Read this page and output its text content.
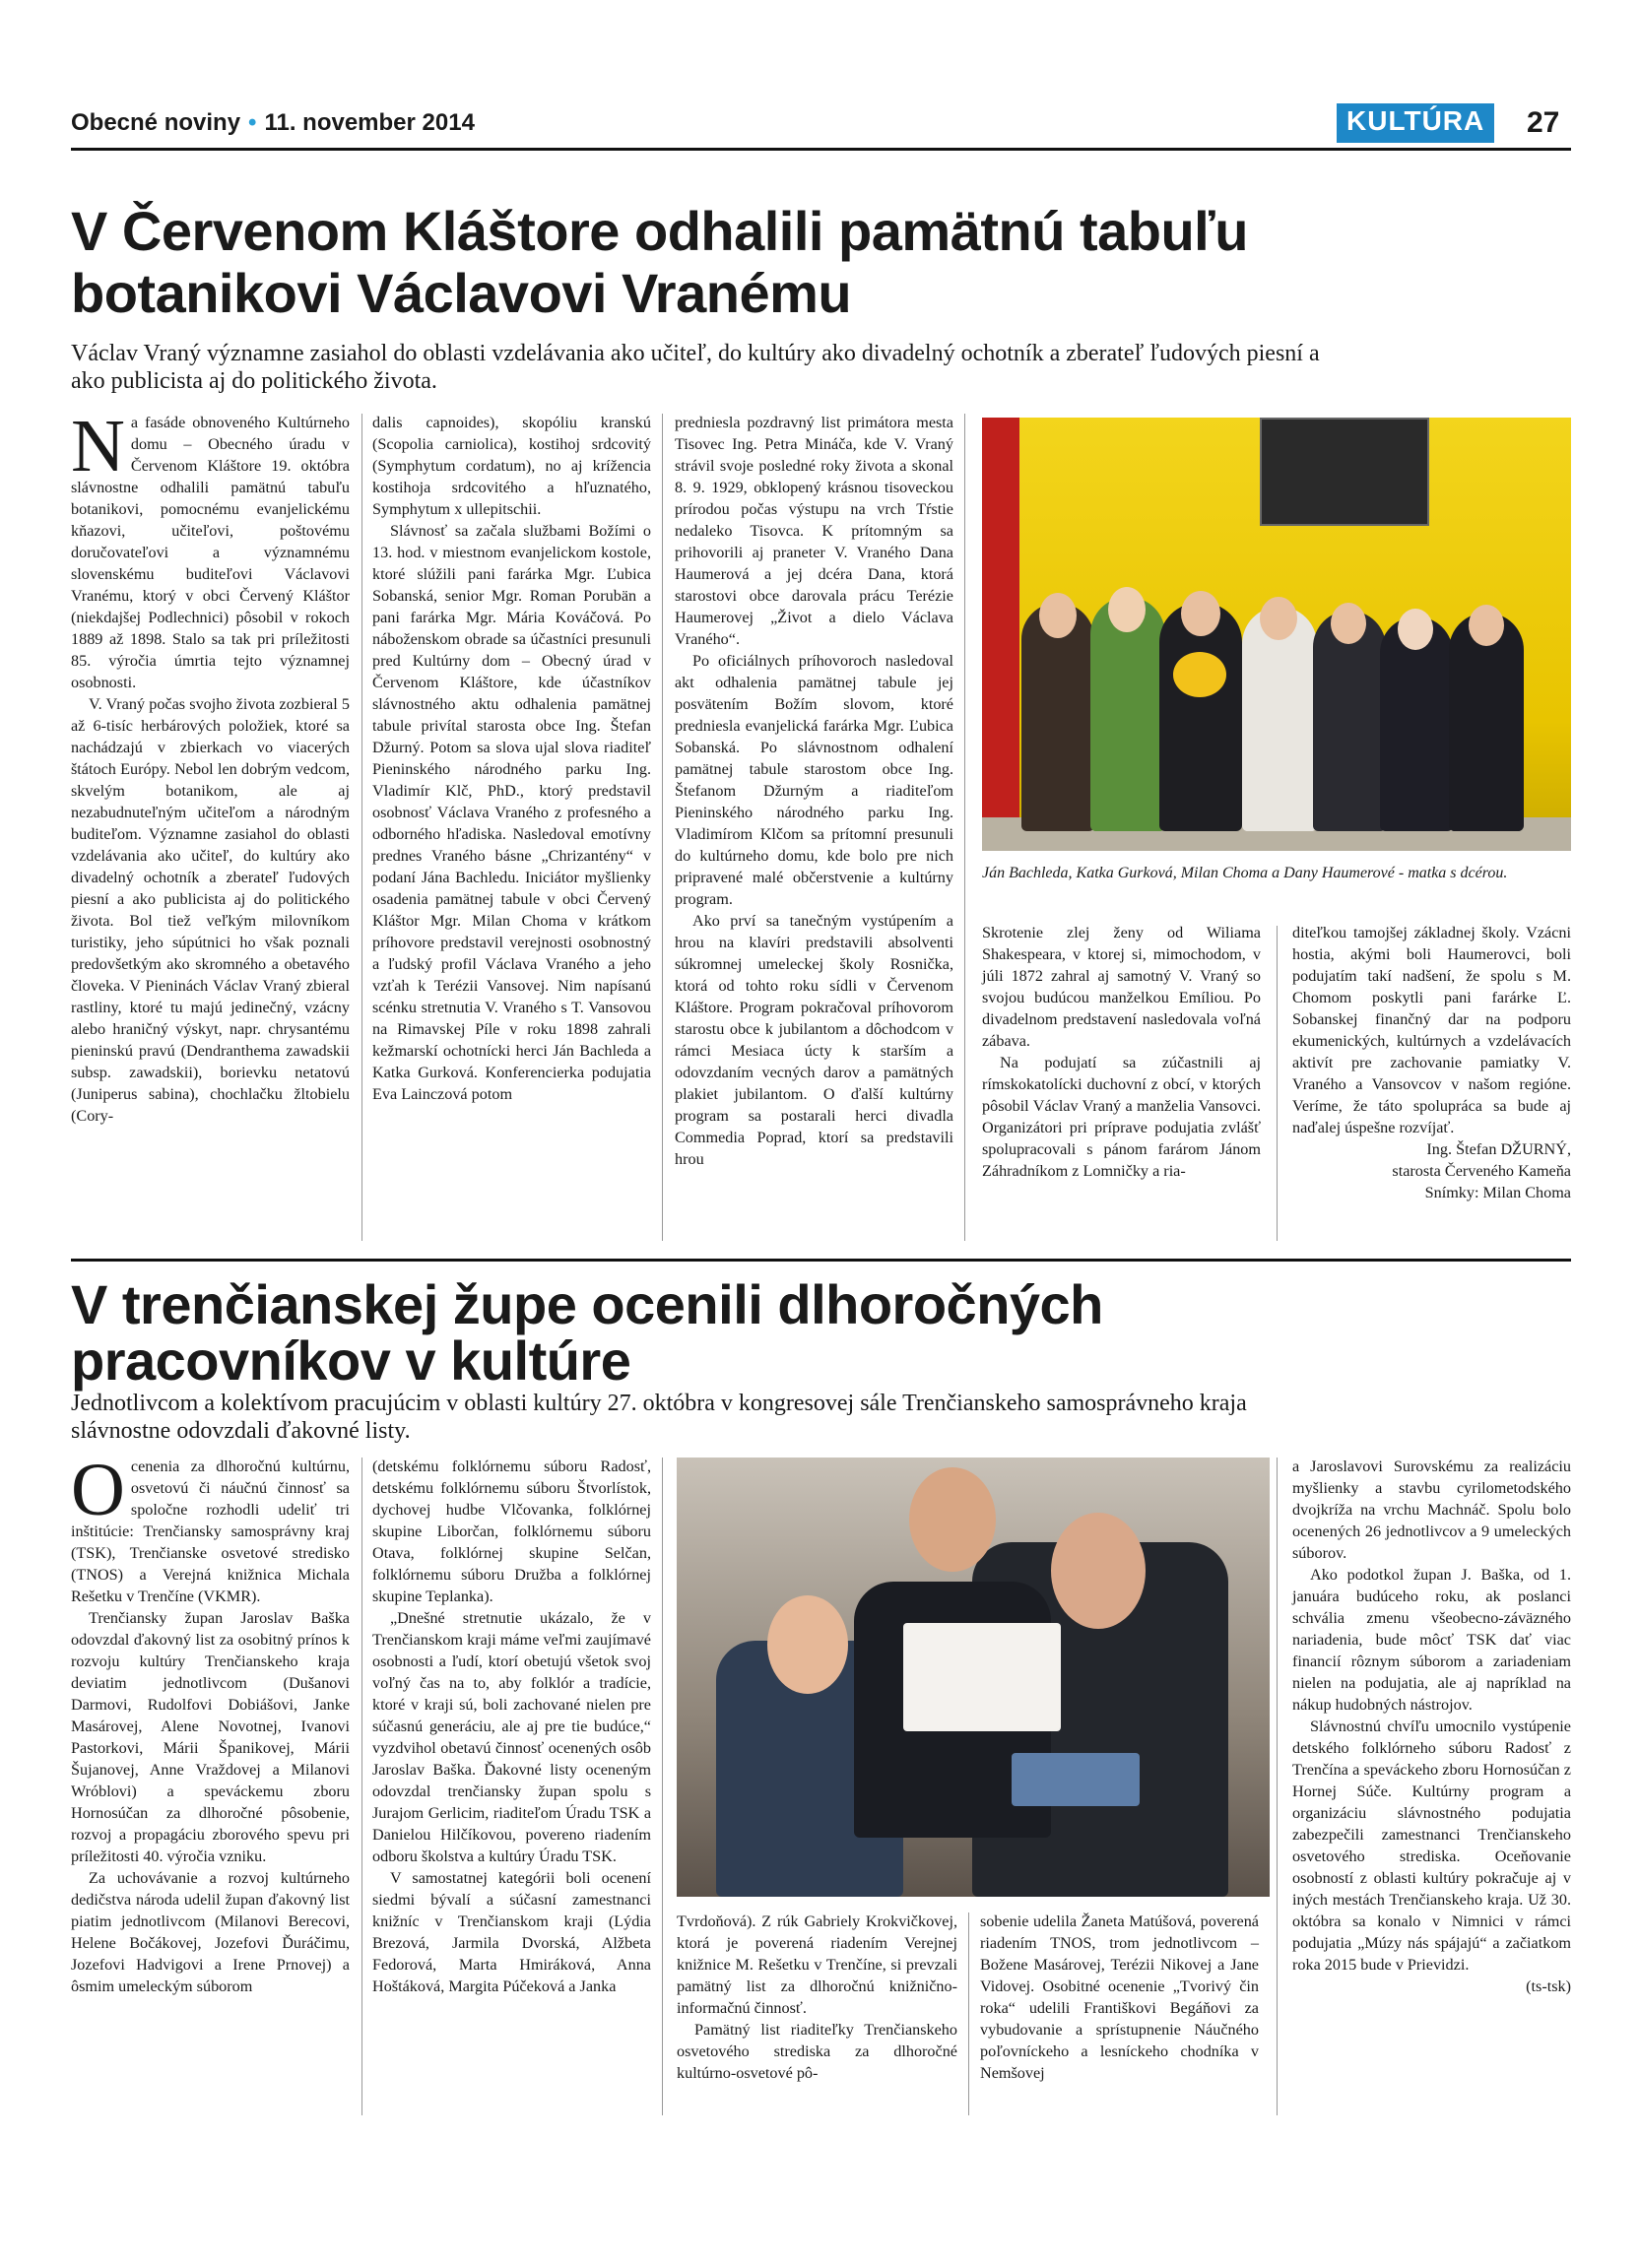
Obecné noviny • 11. november 2014	KULTÚRA	27
V Červenom Kláštore odhalili pamätnú tabuľu
botanikovi Václavovi Vranému
Václav Vraný významne zasiahol do oblasti vzdelávania ako učiteľ, do kultúry ako divadelný ochotník a zberateľ ľudových piesní a
ako publicista aj do politického života.

Na fasáde obnoveného Kultúrneho domu – Obecného úradu v Červenom Kláštore 19. októbra slávnostne odhalili pamätnú tabuľu botanikovi, pomocnému evanjelickému kňazovi, učiteľovi, poštovému doručovateľovi a významnému slovenskému buditeľovi Václavovi Vranému, ktorý v obci Červený Kláštor (niekdajšej Podlechnici) pôsobil v rokoch 1889 až 1898. Stalo sa tak pri príležitosti 85. výročia úmrtia tejto významnej osobnosti.

V. Vraný počas svojho života zozbieral 5 až 6-tisíc herbárových položiek, ktoré sa nachádzajú v zbierkach vo viacerých štátoch Európy. Nebol len dobrým vedcom, skvelým botanikom, ale aj nezabudnuteľným učiteľom a národným buditeľom. Významne zasiahol do oblasti vzdelávania ako učiteľ, do kultúry ako divadelný ochotník a zberateľ ľudových piesní a ako publicista aj do politického života. Bol tiež veľkým milovníkom turistiky, jeho súpútnici ho však poznali predovšetkým ako skromného a obetavého človeka. V Pieninách Václav Vraný zbieral rastliny, ktoré tu majú jedinečný, vzácny alebo hraničný výskyt, napr. chrysantému pieninskú pravú (Dendranthema zawadskii subsp. zawadskii), borievku netatovú (Juniperus sabina), chochlačku žltobielu (Cory-

dalis capnoides), skopóliu kranskú (Scopolia carniolica), kostihoj srdcovitý (Symphytum cordatum), no aj krížencia kostihoja srdcovitého a hľuznatého, Symphytum x ullepitschii.

Slávnosť sa začala službami Božími o 13. hod. v miestnom evanjelickom kostole, ktoré slúžili pani farárka Mgr. Ľubica Sobanská, senior Mgr. Roman Porubän a pani farárka Mgr. Mária Kováčová. Po náboženskom obrade sa účastníci presunuli pred Kultúrny dom – Obecný úrad v Červenom Kláštore, kde účastníkov slávnostného aktu odhalenia pamätnej tabule privítal starosta obce Ing. Štefan Džurný. Potom sa slova ujal slova riaditeľ Pieninského národného parku Ing. Vladimír Klč, PhD., ktorý predstavil osobnosť Václava Vraného z profesného a odborného hľadiska. Nasledoval emotívny prednes Vraného básne „Chrizantény“ v podaní Jána Bachledu. Iniciátor myšlienky osadenia pamätnej tabule v obci Červený Kláštor Mgr. Milan Choma v krátkom príhovore predstavil verejnosti osobnostný a ľudský profil Václava Vraného a jeho vzťah k Terézii Vansovej. Nim napísanú scénku stretnutia V. Vraného s T. Vansovou na Rimavskej Píle v roku 1898 zahrali kežmarskí ochotnícki herci Ján Bachleda a Katka Gurková. Konferencierka podujatia Eva Lainczová potom

predniesla pozdravný list primátora mesta Tisovec Ing. Petra Mináča, kde V. Vraný strávil svoje posledné roky života a skonal 8. 9. 1929, obklopený krásnou tisoveckou prírodou počas výstupu na vrch Tŕstie nedaleko Tisovca. K prítomným sa prihovorili aj praneter V. Vraného Dana Haumerová a jej dcéra Dana, ktorá starostovi obce darovala prácu Terézie Haumerovej „Život a dielo Václava Vraného“.

Po oficiálnych príhovoroch nasledoval akt odhalenia pamätnej tabule jej posvätením Božím slovom, ktoré predniesla evanjelická farárka Mgr. Ľubica Sobanská. Po slávnostnom odhalení pamätnej tabule starostom obce Ing. Štefanom Džurným a riaditeľom Pieninského národného parku Ing. Vladimírom Klčom sa prítomní presunuli do kultúrneho domu, kde bolo pre nich pripravené malé občerstvenie a kultúrny program.

Ako prví sa tanečným vystúpením a hrou na klavíri predstavili absolventi súkromnej umeleckej školy Rosnička, ktorá od tohto roku sídli v Červenom Kláštore. Program pokračoval príhovorom starostu obce k jubilantom a dôchodcom v rámci Mesiaca úcty k starším a odovzdaním vecných darov a pamätných plakiet jubilantom. O ďalší kultúrny program sa postarali herci divadla Commedia Poprad, ktorí sa predstavili hrou

Ján Bachleda, Katka Gurková, Milan Choma a Dany Haumerové - matka s dcérou.

Skrotenie zlej ženy od Wiliama Shakespeara, v ktorej si, mimochodom, v júli 1872 zahral aj samotný V. Vraný so svojou budúcou manželkou Emíliou. Po divadelnom predstavení nasledovala voľná zábava.

Na podujatí sa zúčastnili aj rímskokatolícki duchovní z obcí, v ktorých pôsobil Václav Vraný a manželia Vansovci. Organizátori pri príprave podujatia zvlášť spolupracovali s pánom farárom Jánom Záhradníkom z Lomničky a ria-

diteľkou tamojšej základnej školy. Vzácni hostia, akými boli Haumerovci, boli podujatím takí nadšení, že spolu s M. Chomom poskytli pani farárke Ľ. Sobanskej finančný dar na podporu ekumenických, kultúrnych a vzdelávacích aktivít pre zachovanie pamiatky V. Vraného a Vansovcov v našom regióne. Veríme, že táto spolupráca sa bude aj naďalej úspešne rozvíjať.

Ing. Štefan DŽURNÝ,
starosta Červeného Kameňa
Snímky: Milan Choma
V trenčianskej župe ocenili dlhoročných
pracovníkov v kultúre
Jednotlivcom a kolektívom pracujúcim v oblasti kultúry 27. októbra v kongresovej sále Trenčianskeho samosprávneho kraja
slávnostne odovzdali ďakovné listy.

Ocenenia za dlhoročnú kultúrnu, osvetovú či náučnú činnosť sa spoločne rozhodli udeliť tri inštitúcie: Trenčiansky samosprávny kraj (TSK), Trenčianske osvetové stredisko (TNOS) a Verejná knižnica Michala Rešetku v Trenčíne (VKMR).

Trenčiansky župan Jaroslav Baška odovzdal ďakovný list za osobitný prínos k rozvoju kultúry Trenčianskeho kraja deviatim jednotlivcom (Dušanovi Darmovi, Rudolfovi Dobiášovi, Janke Masárovej, Alene Novotnej, Ivanovi Pastorkovi, Márii Španikovej, Márii Šujanovej, Anne Vraždovej a Milanovi Wróblovi) a speváckemu zboru Hornosúčan za dlhoročné pôsobenie, rozvoj a propagáciu zborového spevu pri príležitosti 40. výročia vzniku.

Za uchovávanie a rozvoj kultúrneho dedičstva národa udelil župan ďakovný list piatim jednotlivcom (Milanovi Berecovi, Helene Bočákovej, Jozefovi Ďuráčimu, Jozefovi Hadvigovi a Irene Prnovej) a ôsmim umeleckým súborom

(detskému folklórnemu súboru Radosť, detskému folklórnemu súboru Štvorlístok, dychovej hudbe Vlčovanka, folklórnej skupine Liborčan, folklórnemu súboru Otava, folklórnej skupine Selčan, folklórnemu súboru Družba a folklórnej skupine Teplanka).

„Dnešné stretnutie ukázalo, že v Trenčianskom kraji máme veľmi zaujímavé osobnosti a ľudí, ktorí obetujú všetok svoj voľný čas na to, aby folklór a tradície, ktoré v kraji sú, boli zachované nielen pre súčasnú generáciu, ale aj pre tie budúce,“ vyzdvihol obetavú činnosť ocenených osôb Jaroslav Baška. Ďakovné listy oceneným odovzdal trenčiansky župan spolu s Jurajom Gerlicim, riaditeľom Úradu TSK a Danielou Hilčíkovou, povereno riadením odboru školstva a kultúry Úradu TSK.

V samostatnej kategórii boli ocenení siedmi bývalí a súčasní zamestnanci knižníc v Trenčianskom kraji (Lýdia Brezová, Jarmila Dvorská, Alžbeta Fedorová, Marta Hmiráková, Anna Hoštáková, Margita Púčeková a Janka

Tvrdoňová). Z rúk Gabriely Krokvičkovej, ktorá je poverená riadením Verejnej knižnice M. Rešetku v Trenčíne, si prevzali pamätný list za dlhoročnú knižnično-informačnú činnosť.

Pamätný list riaditeľky Trenčianskeho osvetového strediska za dlhoročné kultúrno-osvetové pô-

sobenie udelila Žaneta Matúšová, poverená riadením TNOS, trom jednotlivcom – Božene Masárovej, Terézii Nikovej a Jane Vidovej. Osobitné ocenenie „Tvorivý čin roka“ udelili Františkovi Begáňovi za vybudovanie a sprístupnenie Náučného poľovníckeho a lesníckeho chodníka v Nemšovej

a Jaroslavovi Surovskému za realizáciu myšlienky a stavbu cyrilometodského dvojkríža na vrchu Machnáč. Spolu bolo ocenených 26 jednotlivcov a 9 umeleckých súborov.

Ako podotkol župan J. Baška, od 1. januára budúceho roku, ak poslanci schvália zmenu všeobecno-záväzného nariadenia, bude môcť TSK dať viac financií rôznym súborom a zariadeniam nielen na podujatia, ale aj napríklad na nákup hudobných nástrojov.

Slávnostnú chvíľu umocnilo vystúpenie detského folklórneho súboru Radosť z Trenčína a speváckeho zboru Hornosúčan z Hornej Súče. Kultúrny program a organizáciu slávnostného podujatia zabezpečili zamestnanci Trenčianskeho osvetového strediska. Oceňovanie osobností z oblasti kultúry pokračuje aj v iných mestách Trenčianskeho kraja. Už 30. októbra sa konalo v Nimnici v rámci podujatia „Múzy nás spájajú“ a začiatkom roka 2015 bude v Prievidzi.

(ts-tsk)
